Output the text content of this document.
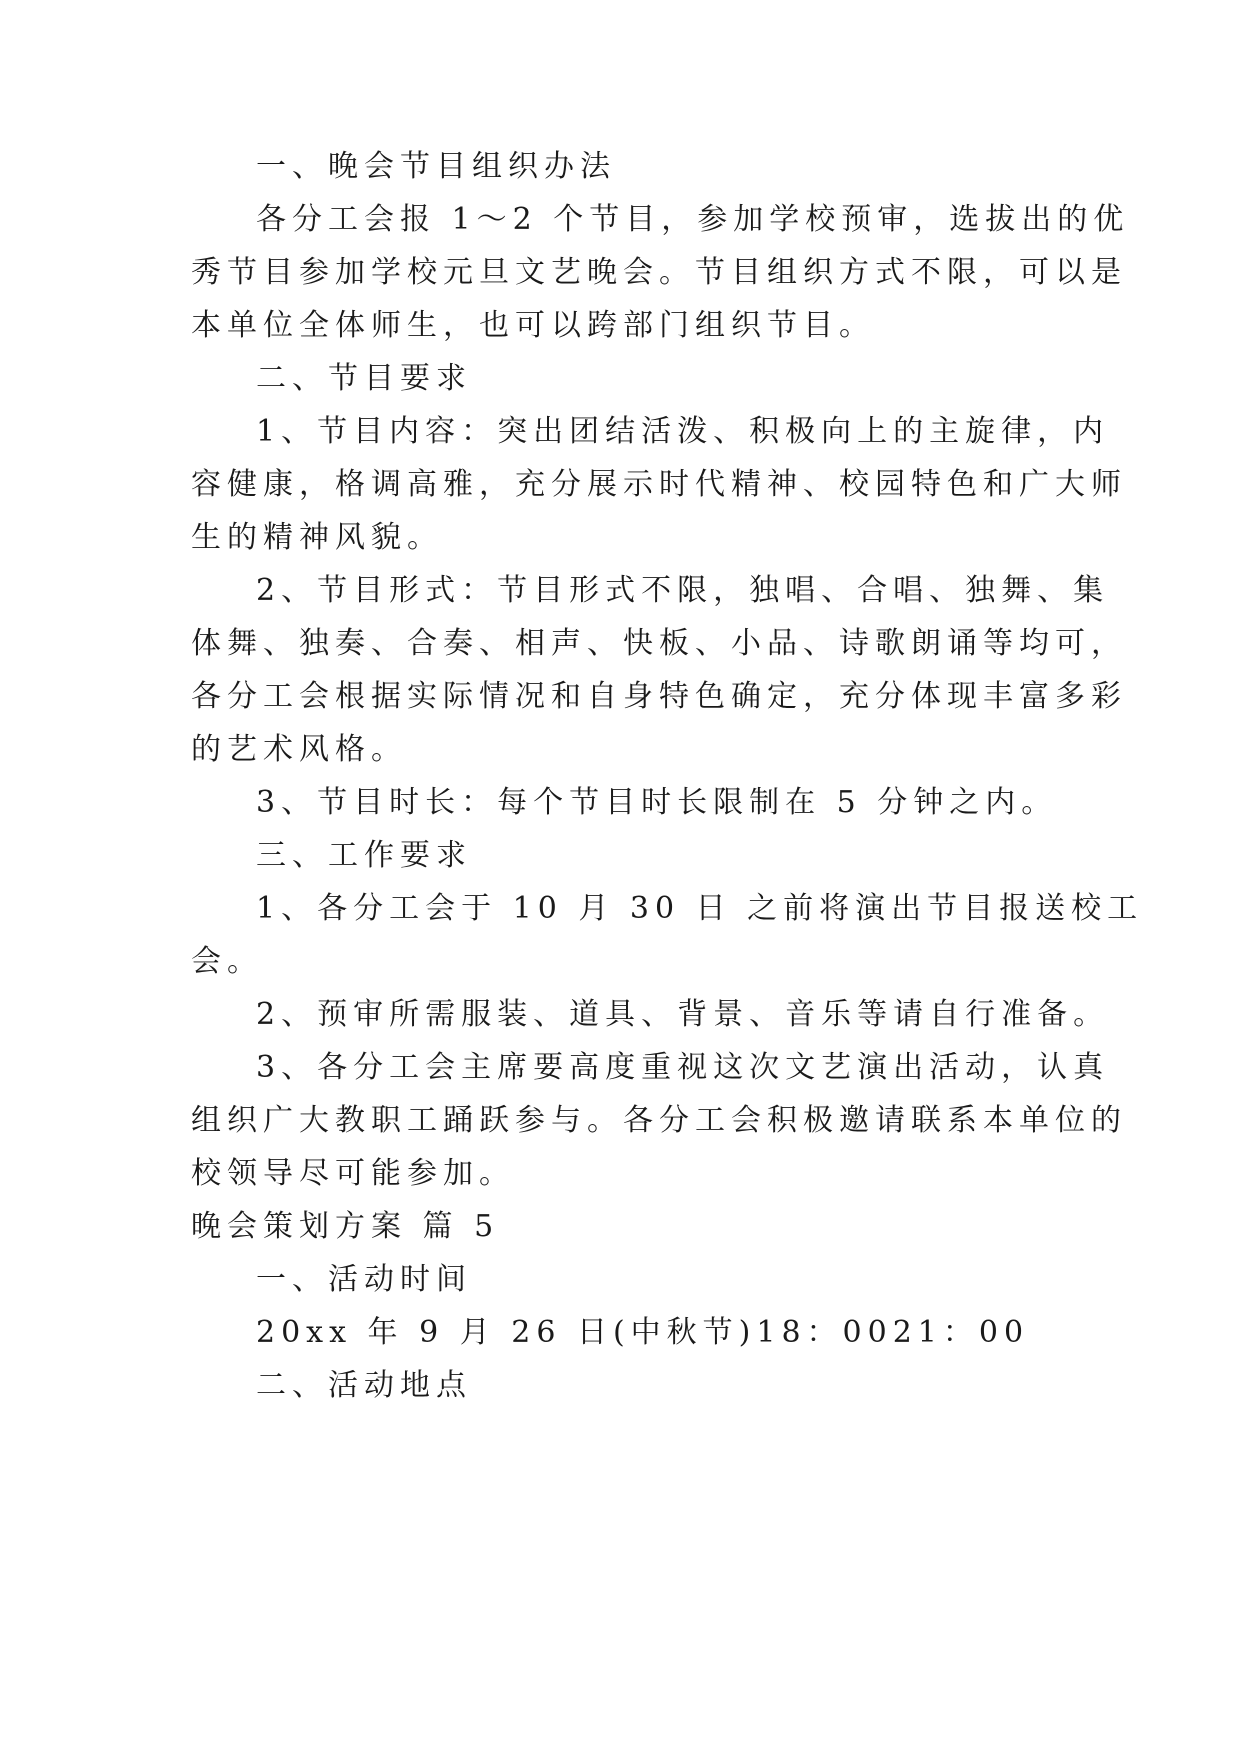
一、晚会节目组织办法
各分工会报 1～2 个节目，参加学校预审，选拔出的优
秀节目参加学校元旦文艺晚会。节目组织方式不限，可以是
本单位全体师生，也可以跨部门组织节目。
二、节目要求
1、节目内容：突出团结活泼、积极向上的主旋律，内
容健康，格调高雅，充分展示时代精神、校园特色和广大师
生的精神风貌。
2、节目形式：节目形式不限，独唱、合唱、独舞、集
体舞、独奏、合奏、相声、快板、小品、诗歌朗诵等均可，
各分工会根据实际情况和自身特色确定，充分体现丰富多彩
的艺术风格。
3、节目时长：每个节目时长限制在 5 分钟之内。
三、工作要求
1、各分工会于 10 月 30 日 之前将演出节目报送校工
会。
2、预审所需服装、道具、背景、音乐等请自行准备。
3、各分工会主席要高度重视这次文艺演出活动，认真
组织广大教职工踊跃参与。各分工会积极邀请联系本单位的
校领导尽可能参加。
晚会策划方案 篇 5
一、活动时间
20xx 年 9 月 26 日(中秋节)18：0021：00
二、活动地点
